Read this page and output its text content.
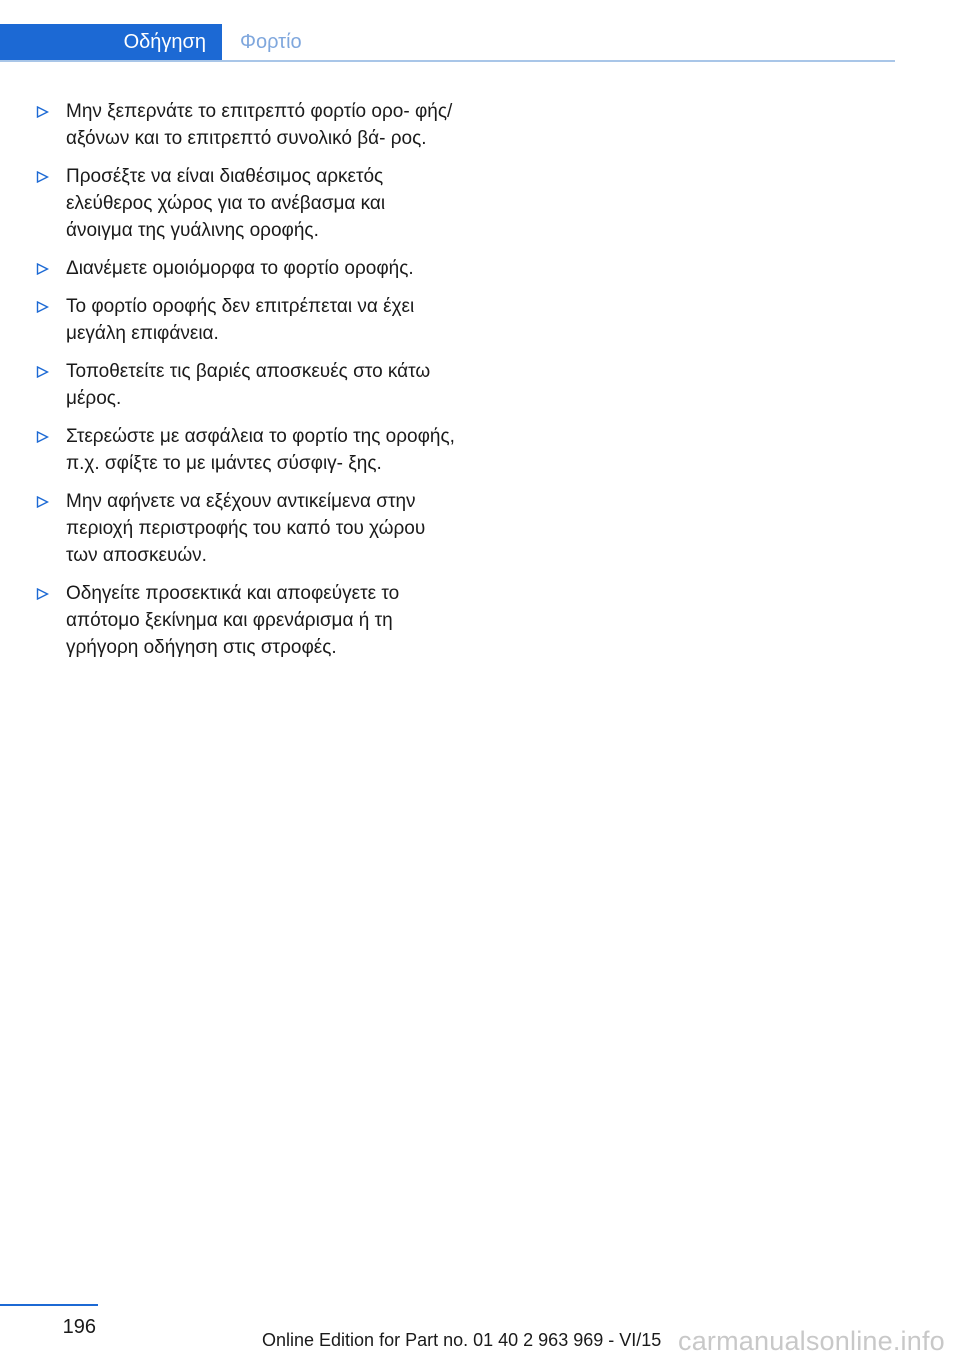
Οδήγηση	Φορτίο
Μην ξεπερνάτε το επιτρεπτό φορτίο ορο‐ φής/αξόνων και το επιτρεπτό συνολικό βά‐ ρος.
Προσέξτε να είναι διαθέσιμος αρκετός ελεύθερος χώρος για το ανέβασμα και άνοιγμα της γυάλινης οροφής.
Διανέμετε ομοιόμορφα το φορτίο οροφής.
Το φορτίο οροφής δεν επιτρέπεται να έχει μεγάλη επιφάνεια.
Τοποθετείτε τις βαριές αποσκευές στο κάτω μέρος.
Στερεώστε με ασφάλεια το φορτίο της οροφής, π.χ. σφίξτε το με ιμάντες σύσφιγ‐ ξης.
Μην αφήνετε να εξέχουν αντικείμενα στην περιοχή περιστροφής του καπό του χώρου των αποσκευών.
Οδηγείτε προσεκτικά και αποφεύγετε το απότομο ξεκίνημα και φρενάρισμα ή τη γρήγορη οδήγηση στις στροφές.
196
Online Edition for Part no. 01 40 2 963 969 - VI/15 carmanualsonline.info
